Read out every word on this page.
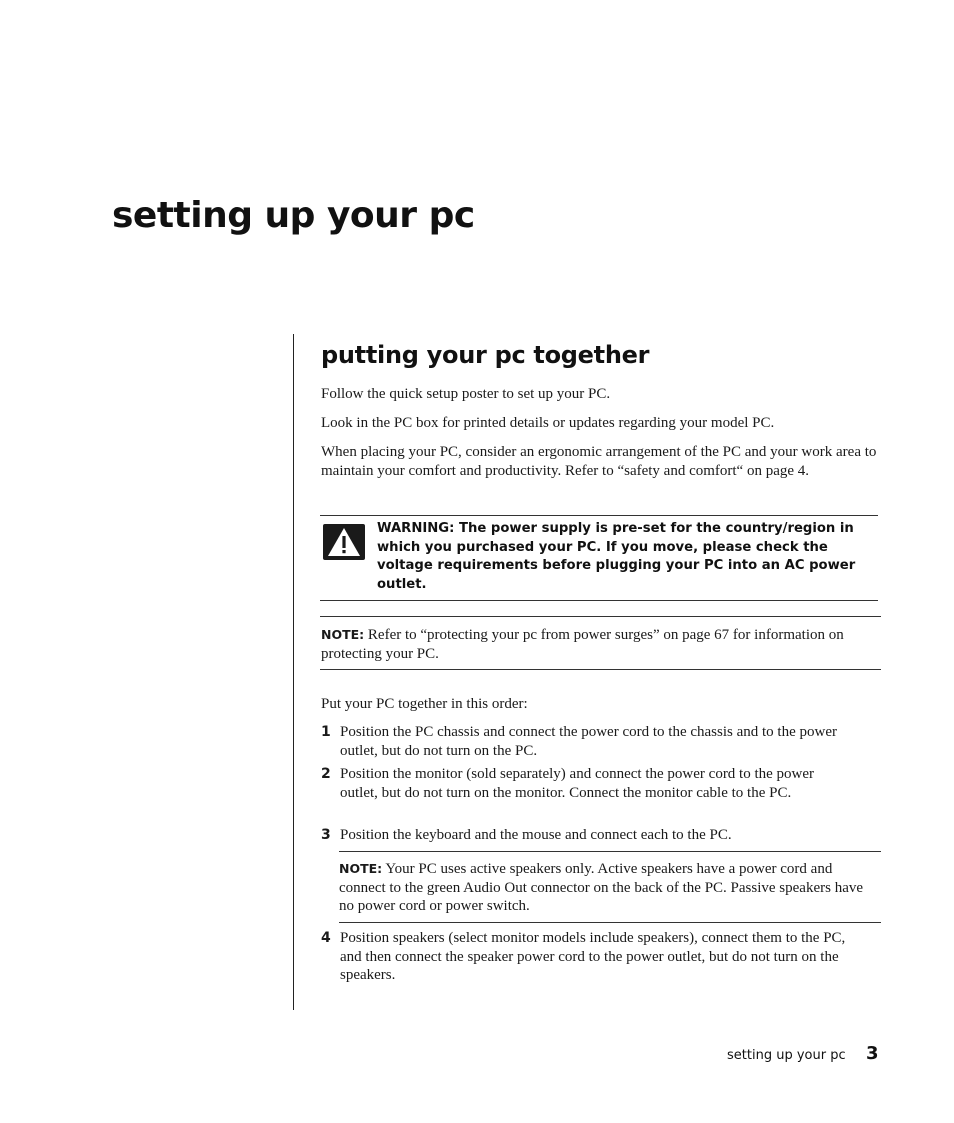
setting up your pc
putting your pc together

Follow the quick setup poster to set up your PC.

Look in the PC box for printed details or updates regarding your model PC.

When placing your PC, consider an ergonomic arrangement of the PC and your work area to maintain your comfort and productivity. Refer to “safety and comfort“ on page 4.

WARNING: The power supply is pre-set for the country/region in which you purchased your PC. If you move, please check the voltage requirements before plugging your PC into an AC power outlet.

NOTE: Refer to “protecting your pc from power surges” on page 67 for information on protecting your PC.

Put your PC together in this order:

1 Position the PC chassis and connect the power cord to the chassis and to the power outlet, but do not turn on the PC.

2 Position the monitor (sold separately) and connect the power cord to the power outlet, but do not turn on the monitor. Connect the monitor cable to the PC.

3 Position the keyboard and the mouse and connect each to the PC.

NOTE: Your PC uses active speakers only. Active speakers have a power cord and connect to the green Audio Out connector on the back of the PC. Passive speakers have no power cord or power switch.

4 Position speakers (select monitor models include speakers), connect them to the PC, and then connect the speaker power cord to the power outlet, but do not turn on the speakers.

setting up your pc 3
